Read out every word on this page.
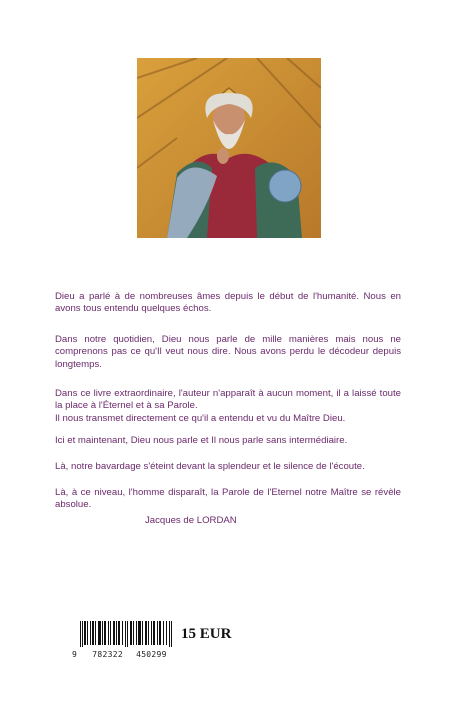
Dieu a parlé à de nombreuses âmes depuis le début de l'humanité. Nous en avons tous entendu quelques échos.

Dans notre quotidien, Dieu nous parle de mille manières mais nous ne comprenons pas ce qu'Il veut nous dire. Nous avons perdu le décodeur depuis longtemps.

Dans ce livre extraordinaire, l'auteur n'apparaît à aucun moment, il a laissé toute la place à l'Éternel et à sa Parole.

Il nous transmet directement ce qu'il a entendu et vu du Maître Dieu.

Ici et maintenant, Dieu nous parle et Il nous parle sans intermédiaire.

Là, notre bavardage s'éteint devant la splendeur et le silence de l'écoute.

Là, à ce niveau, l'homme disparaît, la Parole de l'Eternel notre Maître se révèle absolue.

Jacques de LORDAN
9 782322 450299
15 EUR
